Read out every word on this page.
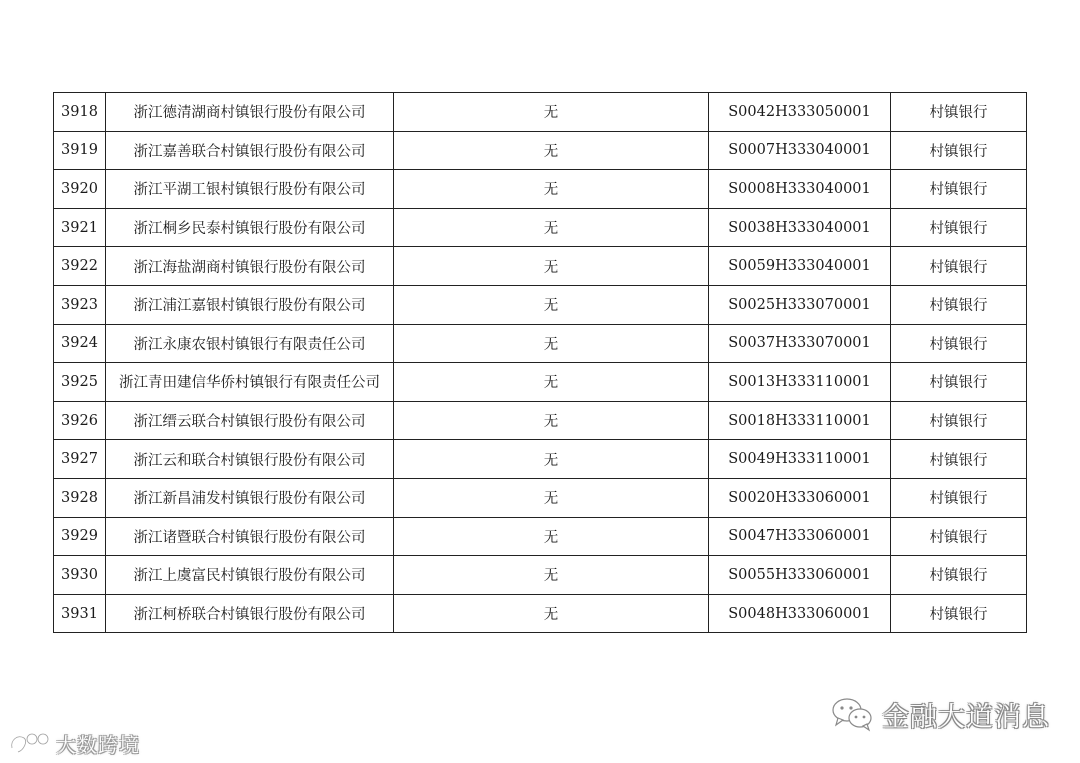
3918	浙江德清湖商村镇银行股份有限公司	无	S0042H333050001	村镇银行
3919	浙江嘉善联合村镇银行股份有限公司	无	S0007H333040001	村镇银行
3920	浙江平湖工银村镇银行股份有限公司	无	S0008H333040001	村镇银行
3921	浙江桐乡民泰村镇银行股份有限公司	无	S0038H333040001	村镇银行
3922	浙江海盐湖商村镇银行股份有限公司	无	S0059H333040001	村镇银行
3923	浙江浦江嘉银村镇银行股份有限公司	无	S0025H333070001	村镇银行
3924	浙江永康农银村镇银行有限责任公司	无	S0037H333070001	村镇银行
3925	浙江青田建信华侨村镇银行有限责任公司	无	S0013H333110001	村镇银行
3926	浙江缙云联合村镇银行股份有限公司	无	S0018H333110001	村镇银行
3927	浙江云和联合村镇银行股份有限公司	无	S0049H333110001	村镇银行
3928	浙江新昌浦发村镇银行股份有限公司	无	S0020H333060001	村镇银行
3929	浙江诸暨联合村镇银行股份有限公司	无	S0047H333060001	村镇银行
3930	浙江上虞富民村镇银行股份有限公司	无	S0055H333060001	村镇银行
3931	浙江柯桥联合村镇银行股份有限公司	无	S0048H333060001	村镇银行
大数跨境
金融大道消息
